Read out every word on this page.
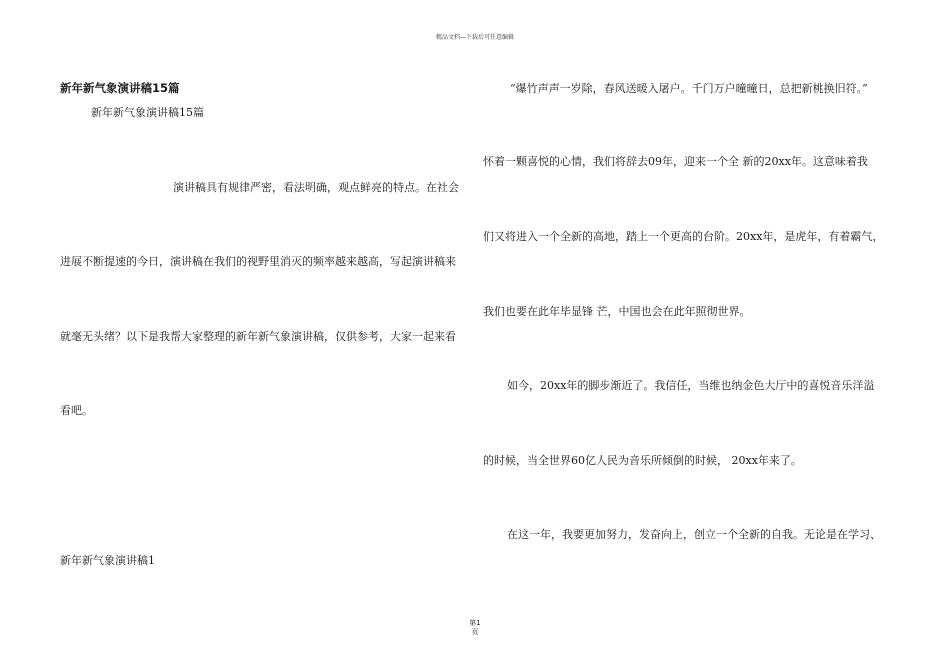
精品文档—下载后可任意编辑
新年新气象演讲稿15篇
新年新气象演讲稿15篇
演讲稿具有规律严密，看法明确，观点鲜亮的特点。在社会
进展不断提速的今日，演讲稿在我们的视野里消灭的频率越来越高，写起演讲稿来
就毫无头绪？以下是我帮大家整理的新年新气象演讲稿，仅供参考，大家一起来看
看吧。
新年新气象演讲稿1
“爆竹声声一岁除，春风送暖入屠户。千门万户曈曈日，总把新桃换旧符。”
怀着一颗喜悦的心情，我们将辞去09年，迎来一个全 新的20xx年。这意味着我
们又将进入一个全新的高地，踏上一个更高的台阶。20xx年，是虎年，有着霸气，
我们也要在此年毕显锋 芒，中国也会在此年照彻世界。
如今，20xx年的脚步渐近了。我信任，当维也纳金色大厅中的喜悦音乐洋溢
的时候，当全世界60亿人民为音乐所倾倒的时候， 20xx年来了。
在这一年，我要更加努力，发奋向上，创立一个全新的自我。无论是在学习、
第1
页
